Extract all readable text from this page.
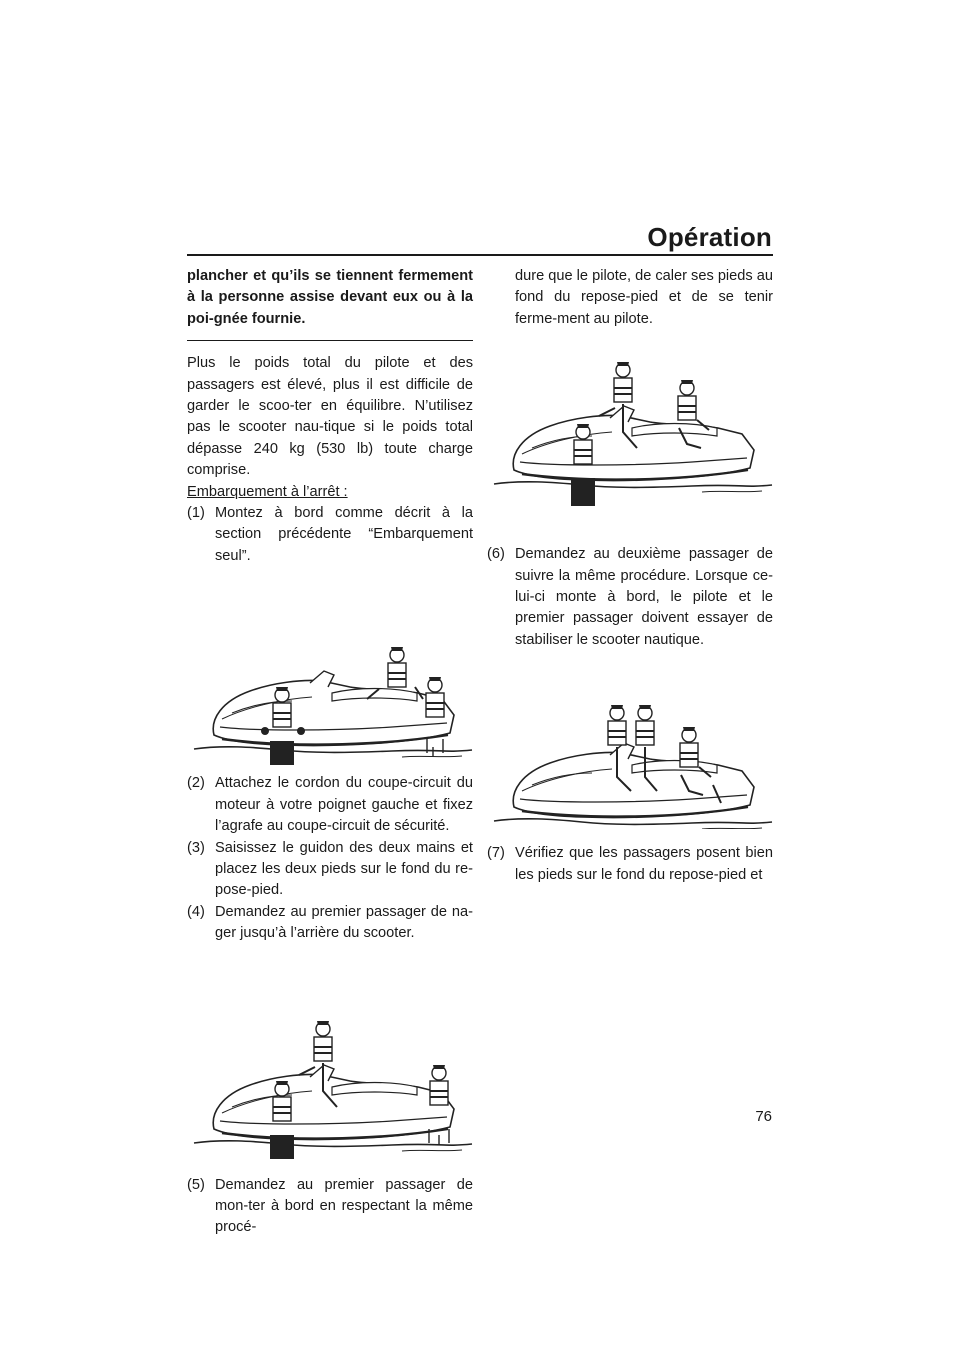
Opération

plancher et qu’ils se tiennent fermement à la personne assise devant eux ou à la poi-gnée fournie.

Plus le poids total du pilote et des passagers est élevé, plus il est difficile de garder le scoo-ter en équilibre. N’utilisez pas le scooter nau-tique si le poids total dépasse 240 kg (530 lb) toute charge comprise.

Embarquement à l’arrêt :
(1) Montez à bord comme décrit à la section précédente “Embarquement seul”.
(2) Attachez le cordon du coupe-circuit du moteur à votre poignet gauche et fixez l’agrafe au coupe-circuit de sécurité.
(3) Saisissez le guidon des deux mains et placez les deux pieds sur le fond du re-pose-pied.
(4) Demandez au premier passager de na-ger jusqu’à l’arrière du scooter.
(5) Demandez au premier passager de mon-ter à bord en respectant la même procé-
dure que le pilote, de caler ses pieds au fond du repose-pied et de se tenir ferme-ment au pilote.
(6) Demandez au deuxième passager de suivre la même procédure. Lorsque ce-lui-ci monte à bord, le pilote et le premier passager doivent essayer de stabiliser le scooter nautique.
(7) Vérifiez que les passagers posent bien les pieds sur le fond du repose-pied et
76
